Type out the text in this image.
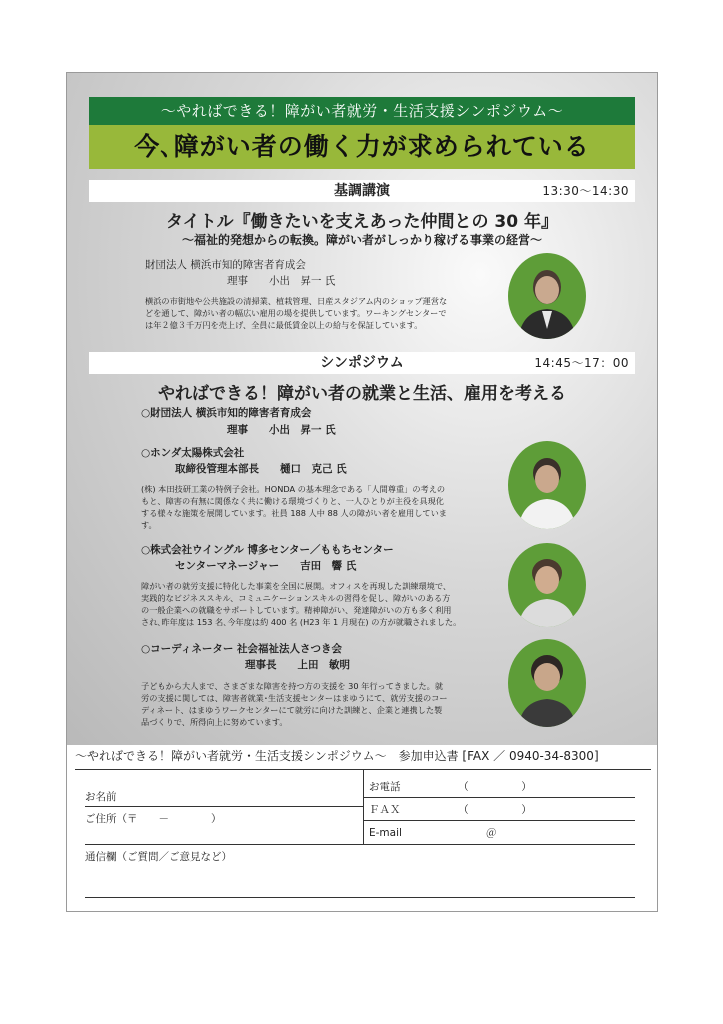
～やればできる！障がい者就労・生活支援シンポジウム～
今､障がい者の働く力が求められている
基調講演	13:30～14:30
タイトル『働きたいを支えあった仲間との 30 年』
～福祉的発想からの転換。障がい者がしっかり稼げる事業の経営～
財団法人 横浜市知的障害者育成会
理事　　小出　昇一 氏
横浜の市街地や公共施設の清掃業、植栽管理、日産スタジアム内のショップ運営な
どを通して、障がい者の幅広い雇用の場を提供しています。ワーキングセンターで
は年２億３千万円を売上げ、全員に最低賃金以上の給与を保証しています。
シンポジウム	14:45～17：00
やればできる！障がい者の就業と生活、雇用を考える
○財団法人 横浜市知的障害者育成会
理事　　小出　昇一 氏
○ホンダ太陽株式会社
取締役管理本部長　　樋口　克己 氏
(株) 本田技研工業の特例子会社。HONDA の基本理念である「人間尊重」の考えの
もと、障害の有無に関係なく共に働ける環境づくりと、一人ひとりが主役を具現化
する様々な施策を展開しています。社員 188 人中 88 人の障がい者を雇用していま
す。
○株式会社ウイングル 博多センター／ももちセンター
センターマネージャー　　吉田　響 氏
障がい者の就労支援に特化した事業を全国に展開。オフィスを再現した訓練環境で、
実践的なビジネススキル、コミュニケーションスキルの習得を促し、障がいのある方
の一般企業への就職をサポートしています。精神障がい、発達障がいの方も多く利用
され､昨年度は 153 名､今年度は約 400 名 (H23 年 1 月現在) の方が就職されました。
○コーディネーター 社会福祉法人さつき会
理事長　　上田　敏明
子どもから大人まで、さまざまな障害を持つ方の支援を 30 年行ってきました。就
労の支援に関しては、障害者就業･生活支援センターはまゆうにて、就労支援のコー
ディネート、はまゆうワークセンターにて就労に向けた訓練と、企業と連携した製
品づくりで、所得向上に努めています。
～やればできる！障がい者就労・生活支援シンポジウム～　参加申込書 [FAX ／ 0940-34-8300]
お名前
ご住所（〒　　－　　　　）
お電話　　　　　　（　　　　　）
ＦＡＸ　　　　　　（　　　　　）
E-mail　　　　　　　　＠
通信欄（ご質問／ご意見など）
